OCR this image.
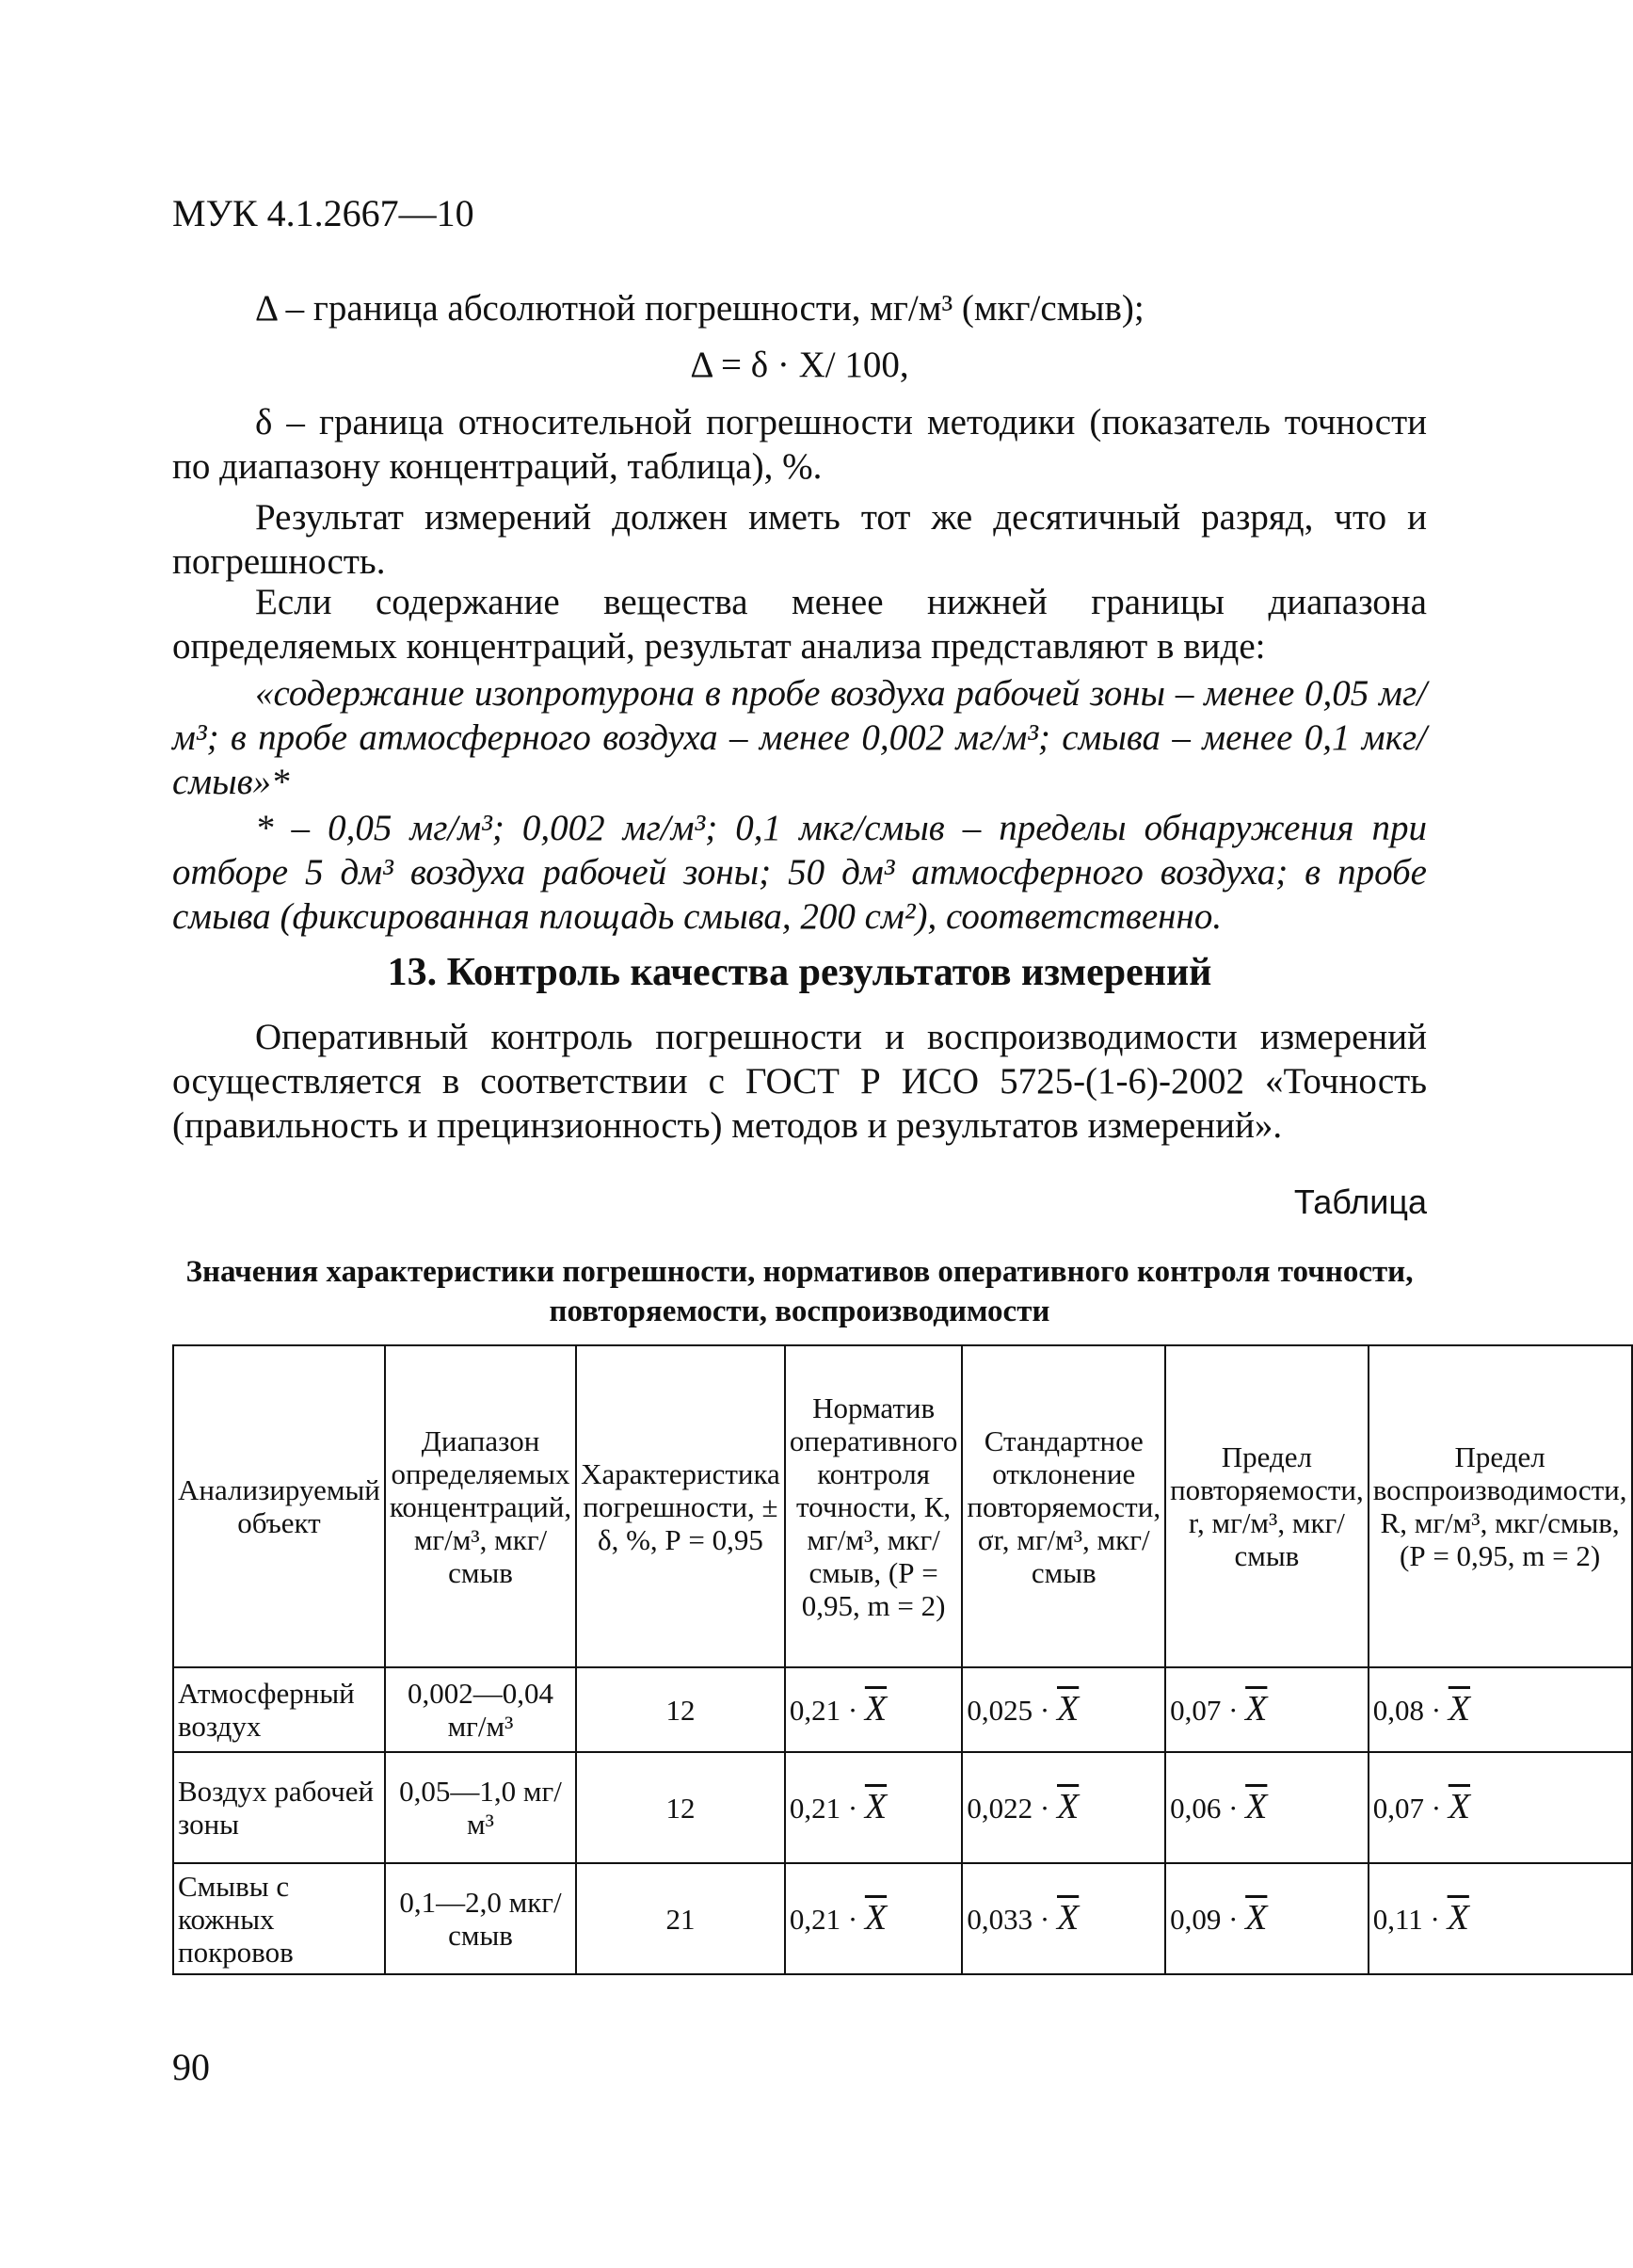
МУК 4.1.2667—10
Δ – граница абсолютной погрешности, мг/м³ (мкг/смыв);
Δ = δ · Х/ 100,
δ – граница относительной погрешности методики (показатель точности по диапазону концентраций, таблица), %.
Результат измерений должен иметь тот же десятичный разряд, что и погрешность.
Если содержание вещества менее нижней границы диапазона определяемых концентраций, результат анализа представляют в виде:
«содержание изопротурона в пробе воздуха рабочей зоны – менее 0,05 мг/м³; в пробе атмосферного воздуха – менее 0,002 мг/м³; смыва – менее 0,1 мкг/смыв»*
* – 0,05 мг/м³; 0,002 мг/м³; 0,1 мкг/смыв – пределы обнаружения при отборе 5 дм³ воздуха рабочей зоны; 50 дм³ атмосферного воздуха; в пробе смыва (фиксированная площадь смыва, 200 см²), соответственно.
13. Контроль качества результатов измерений
Оперативный контроль погрешности и воспроизводимости измерений осуществляется в соответствии с ГОСТ Р ИСО 5725-(1-6)-2002 «Точность (правильность и прецинзионность) методов и результатов измерений».
Таблица
Значения характеристики погрешности, нормативов оперативного контроля точности, повторяемости, воспроизводимости
Анализируемый объект	Диапазон определяемых концентраций, мг/м³, мкг/смыв	Характеристика погрешности, ± δ, %, Р = 0,95	Норматив оперативного контроля точности, К, мг/м³, мкг/смыв, (Р = 0,95, m = 2)	Стандартное отклонение повторяемости, σr, мг/м³, мкг/смыв	Предел повторяемости, r, мг/м³, мкг/смыв	Предел воспроизводимости, R, мг/м³, мкг/смыв, (Р = 0,95, m = 2)
Атмосферный воздух	0,002—0,04 мг/м³	12	$0,21 \cdot \overline{X}$	$0,025 \cdot \overline{X}$	$0,07 \cdot \overline{X}$	$0,08 \cdot \overline{X}$
Воздух рабочей зоны	0,05—1,0 мг/м³	12	$0,21 \cdot \overline{X}$	$0,022 \cdot \overline{X}$	$0,06 \cdot \overline{X}$	$0,07 \cdot \overline{X}$
Смывы с кожных покровов	0,1—2,0 мкг/смыв	21	$0,21 \cdot \overline{X}$	$0,033 \cdot \overline{X}$	$0,09 \cdot \overline{X}$	$0,11 \cdot \overline{X}$
90
